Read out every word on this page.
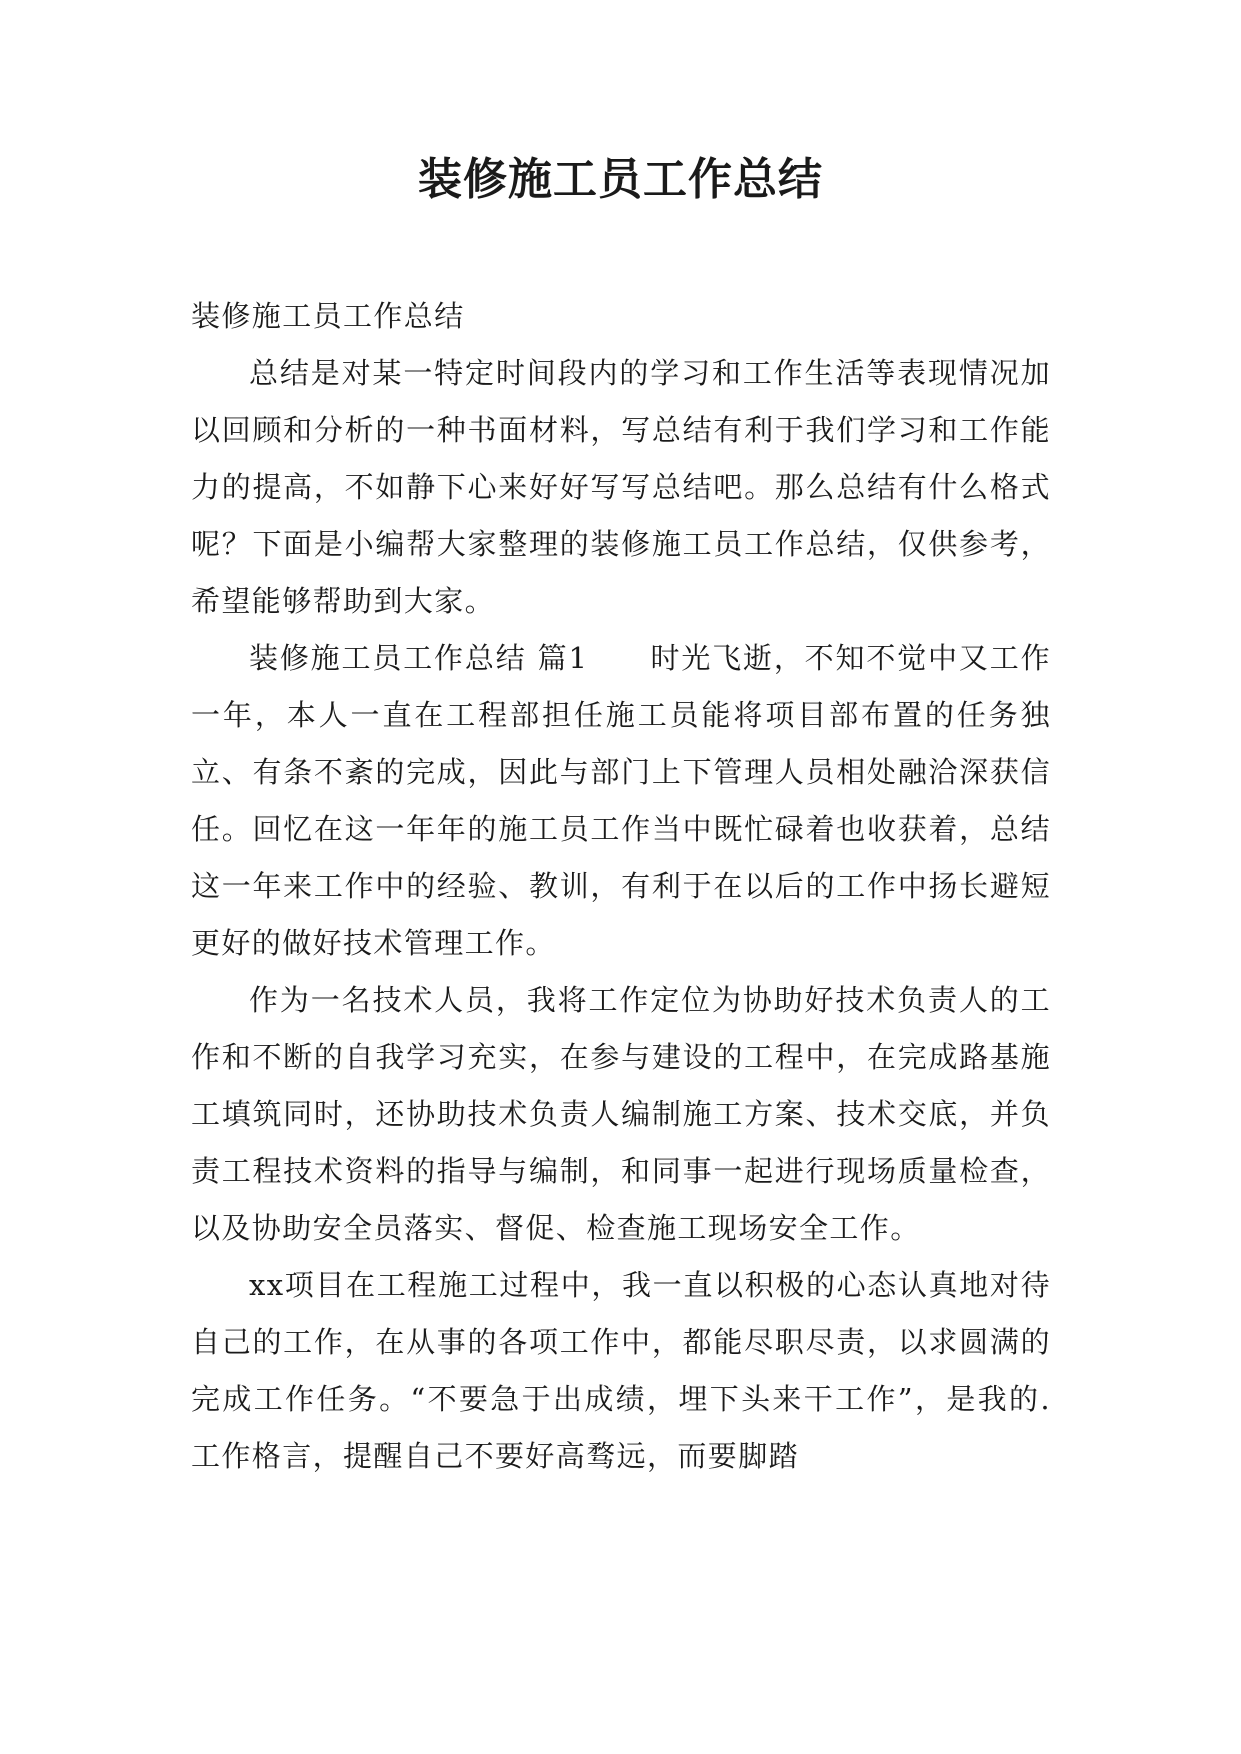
装修施工员工作总结

装修施工员工作总结

总结是对某一特定时间段内的学习和工作生活等表现情况加以回顾和分析的一种书面材料，写总结有利于我们学习和工作能力的提高，不如静下心来好好写写总结吧。那么总结有什么格式呢？下面是小编帮大家整理的装修施工员工作总结，仅供参考，希望能够帮助到大家。

装修施工员工作总结 篇1　　时光飞逝，不知不觉中又工作一年，本人一直在工程部担任施工员能将项目部布置的任务独立、有条不紊的完成，因此与部门上下管理人员相处融洽深获信任。回忆在这一年年的施工员工作当中既忙碌着也收获着，总结这一年来工作中的经验、教训，有利于在以后的工作中扬长避短更好的做好技术管理工作。

作为一名技术人员，我将工作定位为协助好技术负责人的工作和不断的自我学习充实，在参与建设的工程中，在完成路基施工填筑同时，还协助技术负责人编制施工方案、技术交底，并负责工程技术资料的指导与编制，和同事一起进行现场质量检查，以及协助安全员落实、督促、检查施工现场安全工作。

xx项目在工程施工过程中，我一直以积极的心态认真地对待自己的工作，在从事的各项工作中，都能尽职尽责，以求圆满的完成工作任务。“不要急于出成绩，埋下头来干工作”，是我的.工作格言，提醒自己不要好高骛远，而要脚踏
